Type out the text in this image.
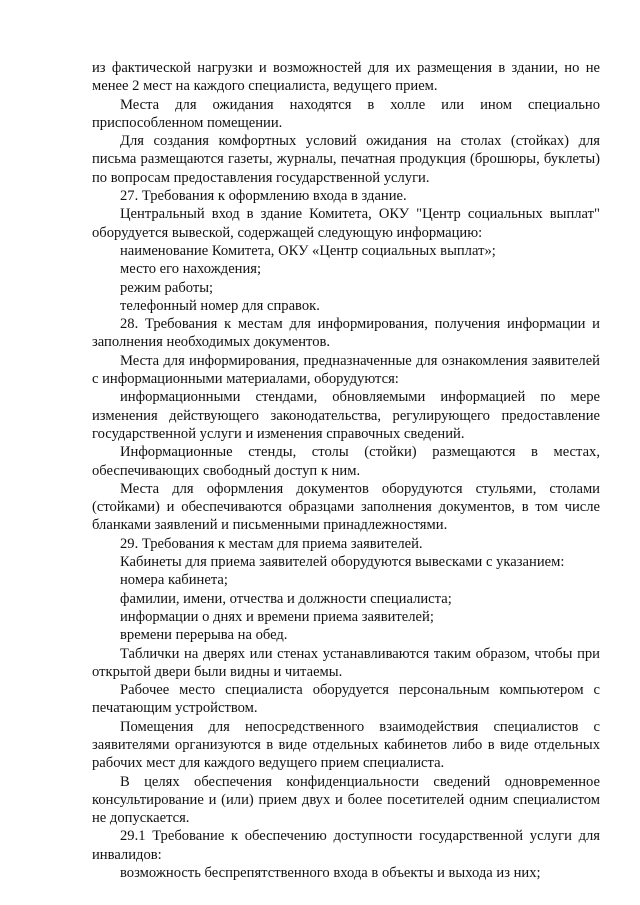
из фактической нагрузки и возможностей для их размещения в здании, но не менее 2 мест на каждого специалиста, ведущего прием.

Места для ожидания находятся в холле или ином специально приспособленном помещении.

Для создания комфортных условий ожидания на столах (стойках) для письма размещаются газеты, журналы, печатная продукция (брошюры, буклеты) по вопросам предоставления государственной услуги.

27. Требования к оформлению входа в здание.

Центральный вход в здание Комитета, ОКУ "Центр социальных выплат" оборудуется вывеской, содержащей следующую информацию:

наименование Комитета, ОКУ «Центр социальных выплат»;

место его нахождения;

режим работы;

телефонный номер для справок.

28. Требования к местам для информирования, получения информации и заполнения необходимых документов.

Места для информирования, предназначенные для ознакомления заявителей с информационными материалами, оборудуются:

информационными стендами, обновляемыми информацией по мере изменения действующего законодательства, регулирующего предоставление государственной услуги и изменения справочных сведений.

Информационные стенды, столы (стойки) размещаются в местах, обеспечивающих свободный доступ к ним.

Места для оформления документов оборудуются стульями, столами (стойками) и обеспечиваются образцами заполнения документов, в том числе бланками заявлений и письменными принадлежностями.

29. Требования к местам для приема заявителей.

Кабинеты для приема заявителей оборудуются вывесками с указанием:

номера кабинета;

фамилии, имени, отчества и должности специалиста;

информации о днях и времени приема заявителей;

времени перерыва на обед.

Таблички на дверях или стенах устанавливаются таким образом, чтобы при открытой двери были видны и читаемы.

Рабочее место специалиста оборудуется персональным компьютером с печатающим устройством.

Помещения для непосредственного взаимодействия специалистов с заявителями организуются в виде отдельных кабинетов либо в виде отдельных рабочих мест для каждого ведущего прием специалиста.

В целях обеспечения конфиденциальности сведений одновременное консультирование и (или) прием двух и более посетителей одним специалистом не допускается.

29.1 Требование к обеспечению доступности государственной услуги для инвалидов:

возможность беспрепятственного входа в объекты и выхода из них;
